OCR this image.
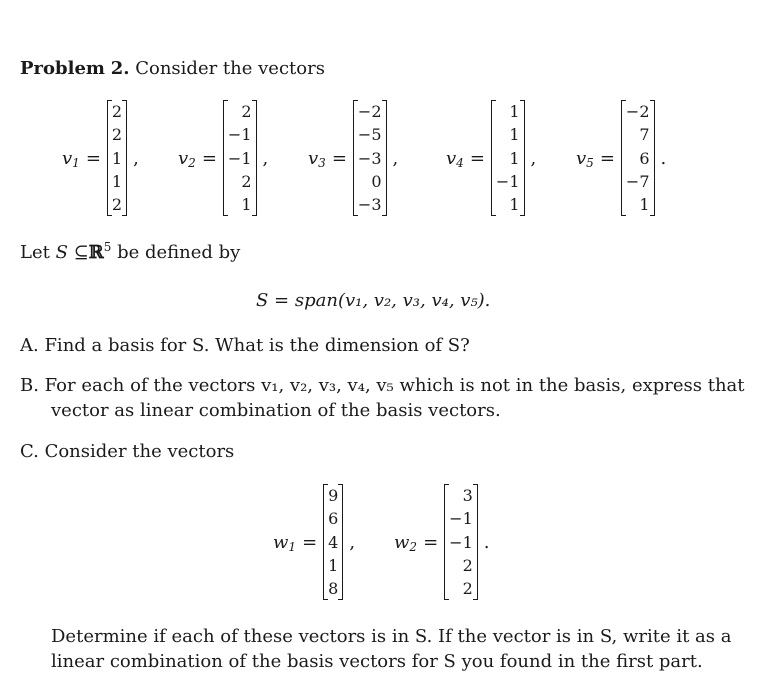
Problem 2. Consider the vectors
$v_1$ =
2
2
1
1
2
, $v_2$ =
2
−1
−1
2
1
, $v_3$ =
−2
−5
−3
0
−3
,	$v_4$ =
1
1
1
−1
1
, $v_5$ =
−2
7
6
−7
1
.
Let S ⊆ℝ$^5$ be defined by
S = span(v₁, v₂, v₃, v₄, v₅).
A. Find a basis for S. What is the dimension of S?
B. For each of the vectors v₁, v₂, v₃, v₄, v₅ which is not in the basis, express that
vector as linear combination of the basis vectors.
C. Consider the vectors
$w_1$ =
9
6
4
1
8
, $w_2$ =
3
−1
−1
2
2
.
Determine if each of these vectors is in S. If the vector is in S, write it as a
linear combination of the basis vectors for S you found in the first part.
